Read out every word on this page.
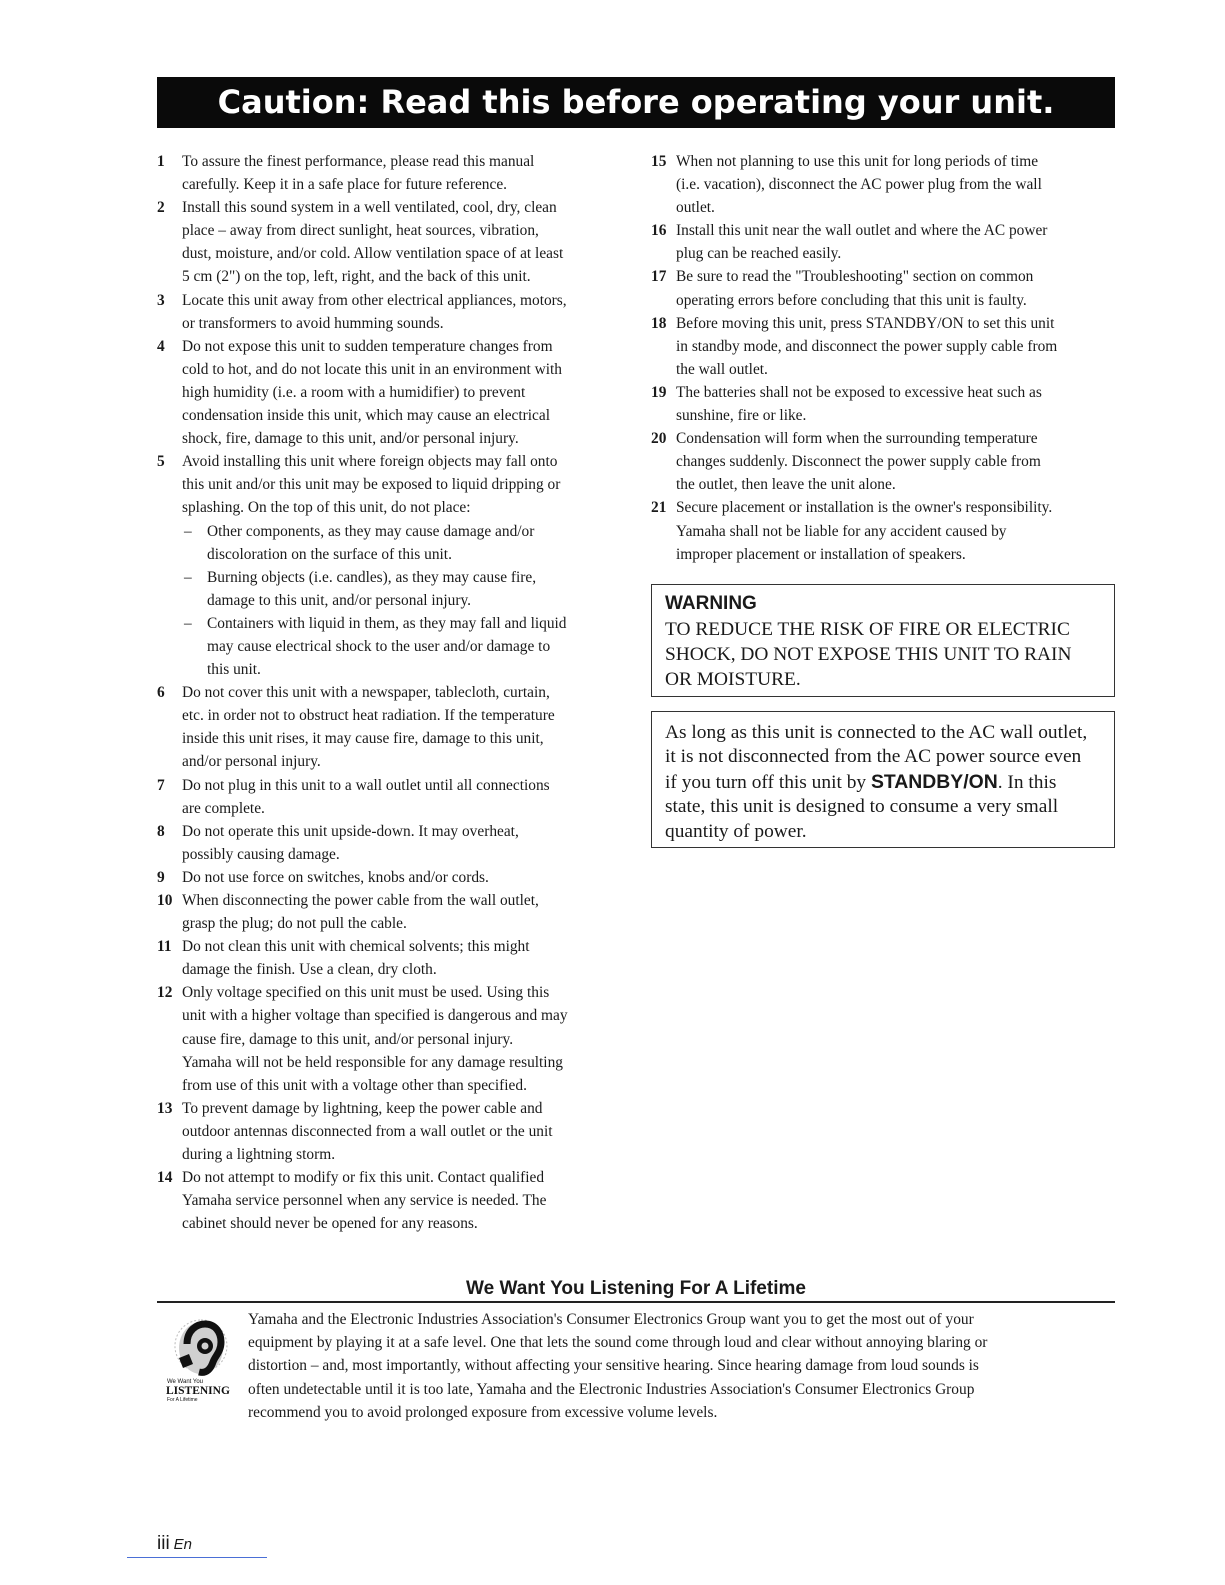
Caution: Read this before operating your unit.
1	To assure the finest performance, please read this manual
carefully. Keep it in a safe place for future reference.
2	Install this sound system in a well ventilated, cool, dry, clean
place – away from direct sunlight, heat sources, vibration,
dust, moisture, and/or cold. Allow ventilation space of at least
5 cm (2") on the top, left, right, and the back of this unit.
3	Locate this unit away from other electrical appliances, motors,
or transformers to avoid humming sounds.
4	Do not expose this unit to sudden temperature changes from
cold to hot, and do not locate this unit in an environment with
high humidity (i.e. a room with a humidifier) to prevent
condensation inside this unit, which may cause an electrical
shock, fire, damage to this unit, and/or personal injury.
5	Avoid installing this unit where foreign objects may fall onto
this unit and/or this unit may be exposed to liquid dripping or
splashing. On the top of this unit, do not place:
– Other components, as they may cause damage and/or
discoloration on the surface of this unit.
– Burning objects (i.e. candles), as they may cause fire,
damage to this unit, and/or personal injury.
– Containers with liquid in them, as they may fall and liquid
may cause electrical shock to the user and/or damage to
this unit.
6	Do not cover this unit with a newspaper, tablecloth, curtain,
etc. in order not to obstruct heat radiation. If the temperature
inside this unit rises, it may cause fire, damage to this unit,
and/or personal injury.
7	Do not plug in this unit to a wall outlet until all connections
are complete.
8	Do not operate this unit upside-down. It may overheat,
possibly causing damage.
9	Do not use force on switches, knobs and/or cords.
10 When disconnecting the power cable from the wall outlet,
grasp the plug; do not pull the cable.
11 Do not clean this unit with chemical solvents; this might
damage the finish. Use a clean, dry cloth.
12 Only voltage specified on this unit must be used. Using this
unit with a higher voltage than specified is dangerous and may
cause fire, damage to this unit, and/or personal injury.
Yamaha will not be held responsible for any damage resulting
from use of this unit with a voltage other than specified.
13 To prevent damage by lightning, keep the power cable and
outdoor antennas disconnected from a wall outlet or the unit
during a lightning storm.
14 Do not attempt to modify or fix this unit. Contact qualified
Yamaha service personnel when any service is needed. The
cabinet should never be opened for any reasons.
15 When not planning to use this unit for long periods of time
(i.e. vacation), disconnect the AC power plug from the wall
outlet.
16 Install this unit near the wall outlet and where the AC power
plug can be reached easily.
17 Be sure to read the "Troubleshooting" section on common
operating errors before concluding that this unit is faulty.
18 Before moving this unit, press STANDBY/ON to set this unit
in standby mode, and disconnect the power supply cable from
the wall outlet.
19 The batteries shall not be exposed to excessive heat such as
sunshine, fire or like.
20 Condensation will form when the surrounding temperature
changes suddenly. Disconnect the power supply cable from
the outlet, then leave the unit alone.
21 Secure placement or installation is the owner's responsibility.
Yamaha shall not be liable for any accident caused by
improper placement or installation of speakers.
WARNING
TO REDUCE THE RISK OF FIRE OR ELECTRIC
SHOCK, DO NOT EXPOSE THIS UNIT TO RAIN
OR MOISTURE.
As long as this unit is connected to the AC wall outlet,
it is not disconnected from the AC power source even
if you turn off this unit by STANDBY/ON. In this
state, this unit is designed to consume a very small
quantity of power.
We Want You Listening For A Lifetime
We Want You
LISTENING
For A Lifetime
Yamaha and the Electronic Industries Association's Consumer Electronics Group want you to get the most out of your
equipment by playing it at a safe level. One that lets the sound come through loud and clear without annoying blaring or
distortion – and, most importantly, without affecting your sensitive hearing. Since hearing damage from loud sounds is
often undetectable until it is too late, Yamaha and the Electronic Industries Association's Consumer Electronics Group
recommend you to avoid prolonged exposure from excessive volume levels.
iii En
